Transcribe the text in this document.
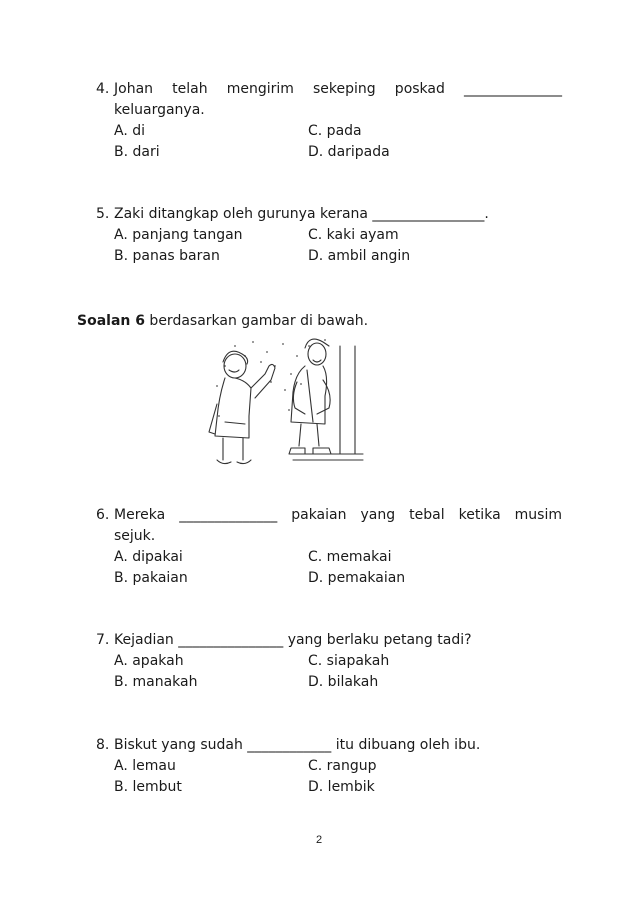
4. Johan telah mengirim sekeping poskad ______________
keluarganya.
A. di	C. pada
B. dari	D. daripada
5. Zaki ditangkap oleh gurunya kerana ________________.
A. panjang tangan	C. kaki ayam
B. panas baran	D. ambil angin
Soalan 6 berdasarkan gambar di bawah.
6. Mereka ______________ pakaian yang tebal ketika musim
sejuk.
A. dipakai	C. memakai
B. pakaian	D. pemakaian
7. Kejadian _______________ yang berlaku petang tadi?
A. apakah	C. siapakah
B. manakah	D. bilakah
8. Biskut yang sudah ____________ itu dibuang oleh ibu.
A. lemau	C. rangup
B. lembut	D. lembik
2
